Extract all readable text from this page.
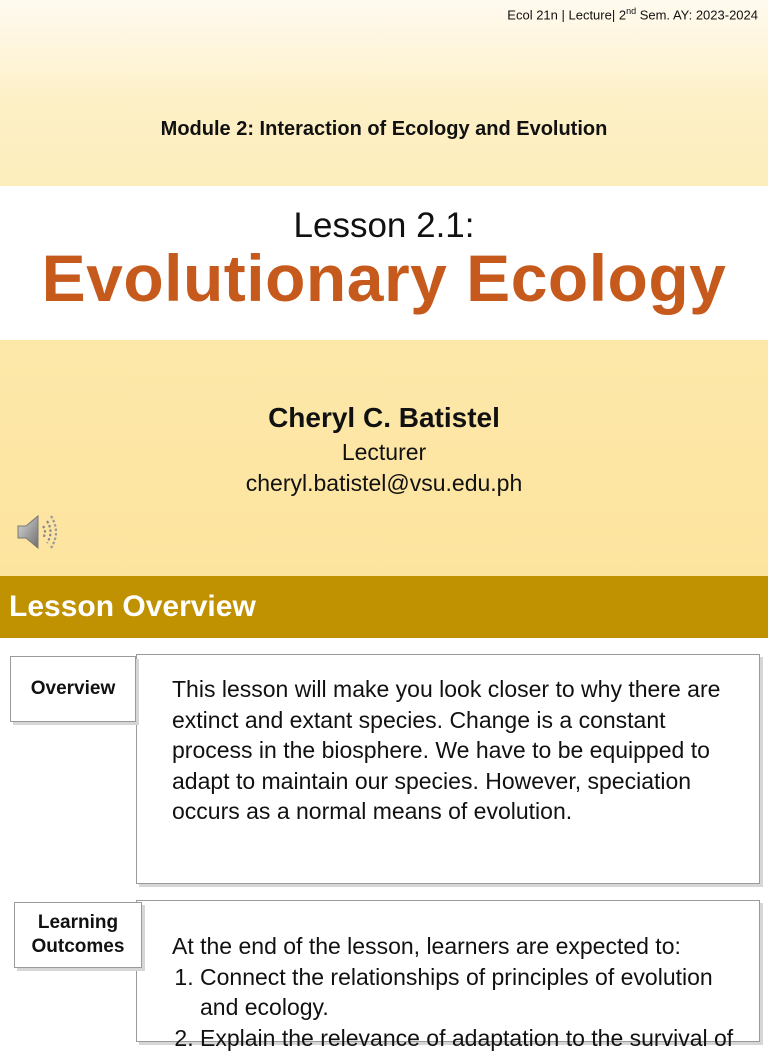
Ecol 21n | Lecture| 2nd Sem. AY: 2023-2024
Module 2: Interaction of Ecology and Evolution
Lesson 2.1:
Evolutionary Ecology
Cheryl C. Batistel
Lecturer
cheryl.batistel@vsu.edu.ph
Lesson Overview
This lesson will make you look closer to why there are extinct and extant species. Change is a constant process in the biosphere. We have to be equipped to adapt to maintain our species. However, speciation occurs as a normal means of evolution.
Overview
At the end of the lesson, learners are expected to:
1. Connect the relationships of principles of evolution and ecology.
2. Explain the relevance of adaptation to the survival of
Learning
Outcomes
